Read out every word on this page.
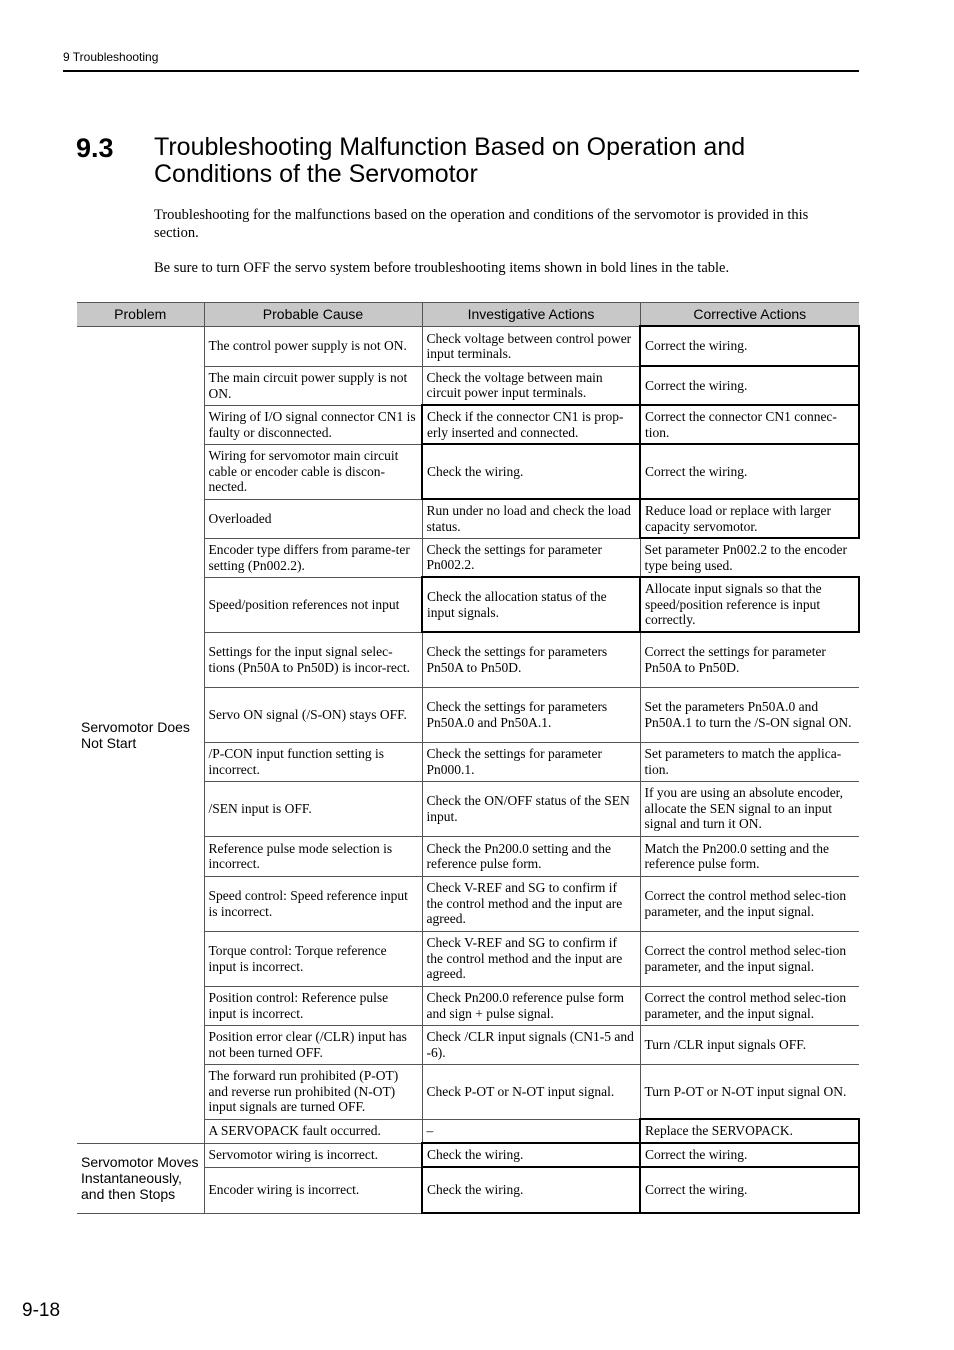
9 Troubleshooting
9.3 Troubleshooting Malfunction Based on Operation and Conditions of the Servomotor
Troubleshooting for the malfunctions based on the operation and conditions of the servomotor is provided in this section.
Be sure to turn OFF the servo system before troubleshooting items shown in bold lines in the table.
Problem	Probable Cause	Investigative Actions	Corrective Actions
Servomotor Does Not Start	The control power supply is not ON.	Check voltage between control power input terminals.	Correct the wiring.
	The main circuit power supply is not ON.	Check the voltage between main circuit power input terminals.	Correct the wiring.
	Wiring of I/O signal connector CN1 is faulty or disconnected.	Check if the connector CN1 is prop-erly inserted and connected.	Correct the connector CN1 connec-tion.
	Wiring for servomotor main circuit cable or encoder cable is discon-nected.	Check the wiring.	Correct the wiring.
	Overloaded	Run under no load and check the load status.	Reduce load or replace with larger capacity servomotor.
	Encoder type differs from parame-ter setting (Pn002.2).	Check the settings for parameter Pn002.2.	Set parameter Pn002.2 to the encoder type being used.
	Speed/position references not input	Check the allocation status of the input signals.	Allocate input signals so that the speed/position reference is input correctly.
	Settings for the input signal selec-tions (Pn50A to Pn50D) is incor-rect.	Check the settings for parameters Pn50A to Pn50D.	Correct the settings for parameter Pn50A to Pn50D.
	Servo ON signal (/S-ON) stays OFF.	Check the settings for parameters Pn50A.0 and Pn50A.1.	Set the parameters Pn50A.0 and Pn50A.1 to turn the /S-ON signal ON.
	/P-CON input function setting is incorrect.	Check the settings for parameter Pn000.1.	Set parameters to match the applica-tion.
	/SEN input is OFF.	Check the ON/OFF status of the SEN input.	If you are using an absolute encoder, allocate the SEN signal to an input signal and turn it ON.
	Reference pulse mode selection is incorrect.	Check the Pn200.0 setting and the reference pulse form.	Match the Pn200.0 setting and the reference pulse form.
	Speed control: Speed reference input is incorrect.	Check V-REF and SG to confirm if the control method and the input are agreed.	Correct the control method selec-tion parameter, and the input signal.
	Torque control: Torque reference input is incorrect.	Check V-REF and SG to confirm if the control method and the input are agreed.	Correct the control method selec-tion parameter, and the input signal.
	Position control: Reference pulse input is incorrect.	Check Pn200.0 reference pulse form and sign + pulse signal.	Correct the control method selec-tion parameter, and the input signal.
	Position error clear (/CLR) input has not been turned OFF.	Check /CLR input signals (CN1-5 and -6).	Turn /CLR input signals OFF.
	The forward run prohibited (P-OT) and reverse run prohibited (N-OT) input signals are turned OFF.	Check P-OT or N-OT input signal.	Turn P-OT or N-OT input signal ON.
	A SERVOPACK fault occurred.	–	Replace the SERVOPACK.
Servomotor Moves Instantaneously, and then Stops	Servomotor wiring is incorrect.	Check the wiring.	Correct the wiring.
	Encoder wiring is incorrect.	Check the wiring.	Correct the wiring.
9-18
